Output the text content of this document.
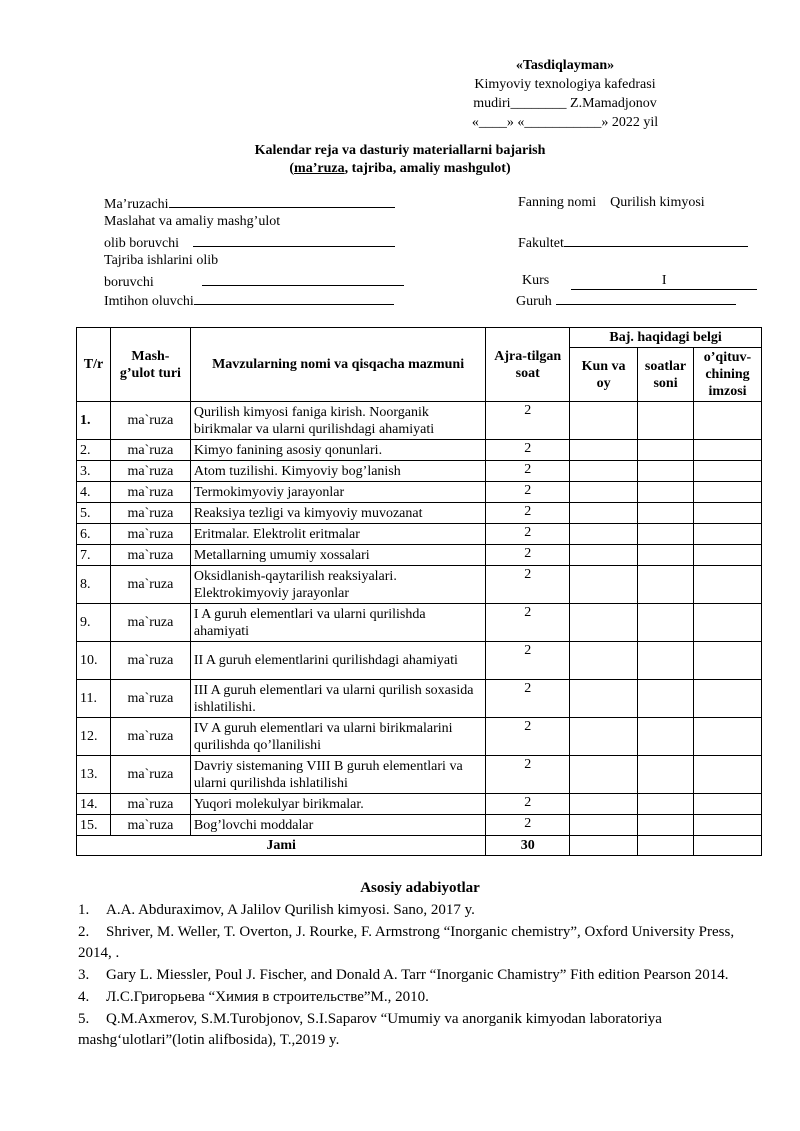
«Tasdiqlayman»
Kimyoviy texnologiya kafedrasi
mudiri________ Z.Mamadjonov
«____» «___________» 2022 yil
Kalendar reja va dasturiy materiallarni bajarish
(ma’ruza, tajriba, amaliy mashgulot)
Ma’ruzachi
Maslahat va amaliy mashg’ulot
olib boruvchi
Tajriba ishlarini olib
boruvchi
Imtihon oluvchi
Fanning nomi Qurilish kimyosi
Fakultet
Kurs	I
Guruh
T/r	Mash-g’ulot turi	Mavzularning nomi va qisqacha mazmuni	Ajra-tilgan soat	Baj. haqidagi belgi		
				Kun va oy	soatlar soni	o’qituv-chining imzosi
1.	ma`ruza	Qurilish kimyosi faniga kirish. Noorganik birikmalar va ularni qurilishdagi ahamiyati	2			
2.	ma`ruza	Kimyo fanining asosiy qonunlari.	2			
3.	ma`ruza	Atom tuzilishi. Kimyoviy bog’lanish	2			
4.	ma`ruza	Termokimyoviy jarayonlar	2			
5.	ma`ruza	Reaksiya tezligi va kimyoviy muvozanat	2			
6.	ma`ruza	Eritmalar. Elektrolit eritmalar	2			
7.	ma`ruza	Metallarning umumiy xossalari	2			
8.	ma`ruza	Oksidlanish-qaytarilish reaksiyalari. Elektrokimyoviy jarayonlar	2			
9.	ma`ruza	I A guruh elementlari va ularni qurilishda ahamiyati	2			
10.	ma`ruza	II A guruh elementlarini qurilishdagi ahamiyati	2			
11.	ma`ruza	III A guruh elementlari va ularni qurilish soxasida ishlatilishi.	2			
12.	ma`ruza	IV A guruh elementlari va ularni birikmalarini qurilishda qo’llanilishi	2			
13.	ma`ruza	Davriy sistemaning VIII B guruh elementlari va ularni qurilishda ishlatilishi	2			
14.	ma`ruza	Yuqori molekulyar birikmalar.	2			
15.	ma`ruza	Bog’lovchi moddalar	2			
Jami			30			
Asosiy adabiyotlar

1. A.A. Abduraximov, A Jalilov Qurilish kimyosi. Sano, 2017 y.

2. Shriver, M. Weller, T. Overton, J. Rourke, F. Armstrong “Inorganic chemistry”, Oxford University Press, 2014, .

3. Gary L. Miessler, Poul J. Fischer, and Donald A. Tarr “Inorganic Chamistry” Fith edition Pearson 2014.

4. Л.С.Григорьева “Химия в строительстве”М., 2010.

5. Q.M.Axmerov, S.M.Turobjonov, S.I.Saparov “Umumiy va anorganik kimyodan laboratoriya mashg‘ulotlari”(lotin alifbosida), T.,2019 y.
